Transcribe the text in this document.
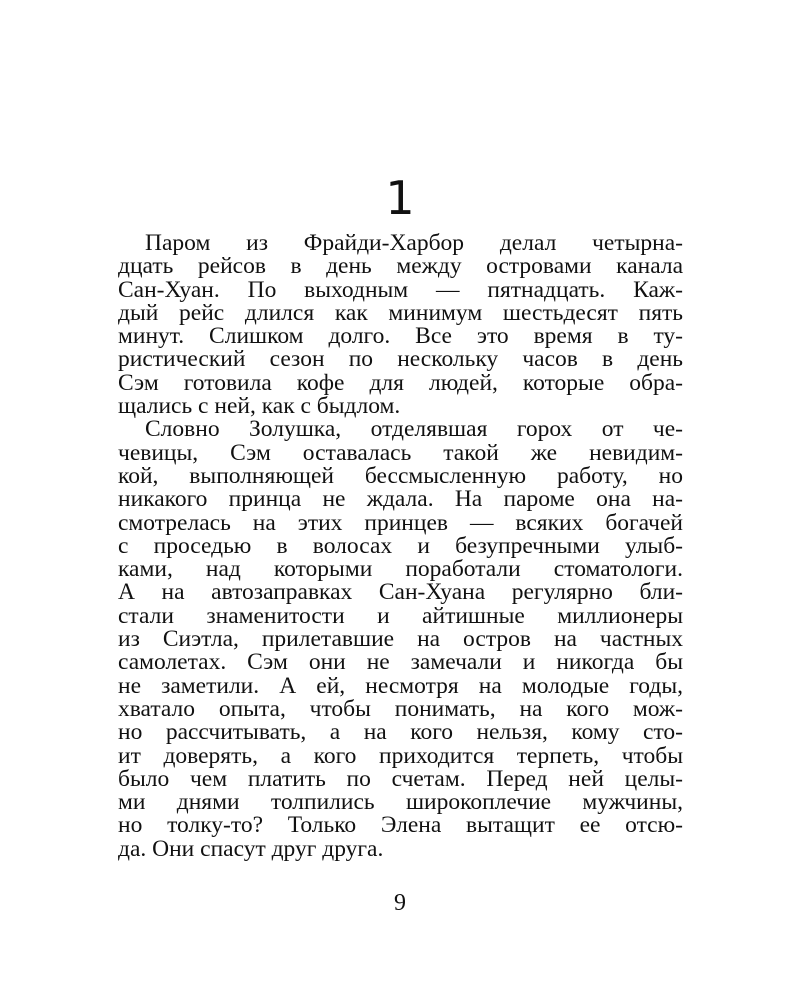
1
Паром из Фрайди-Харбор делал четырна-
дцать рейсов в день между островами канала
Сан-Хуан. По выходным — пятнадцать. Каж-
дый рейс длился как минимум шестьдесят пять
минут. Слишком долго. Все это время в ту-
ристический сезон по нескольку часов в день
Сэм готовила кофе для людей, которые обра-
щались с ней, как с быдлом.
Словно Золушка, отделявшая горох от че-
чевицы, Сэм оставалась такой же невидим-
кой, выполняющей бессмысленную работу, но
никакого принца не ждала. На пароме она на-
смотрелась на этих принцев — всяких богачей
с проседью в волосах и безупречными улыб-
ками, над которыми поработали стоматологи.
А на автозаправках Сан-Хуана регулярно бли-
стали знаменитости и айтишные миллионеры
из Сиэтла, прилетавшие на остров на частных
самолетах. Сэм они не замечали и никогда бы
не заметили. А ей, несмотря на молодые годы,
хватало опыта, чтобы понимать, на кого мож-
но рассчитывать, а на кого нельзя, кому сто-
ит доверять, а кого приходится терпеть, чтобы
было чем платить по счетам. Перед ней целы-
ми днями толпились широкоплечие мужчины,
но толку-то? Только Элена вытащит ее отсю-
да. Они спасут друг друга.
9
